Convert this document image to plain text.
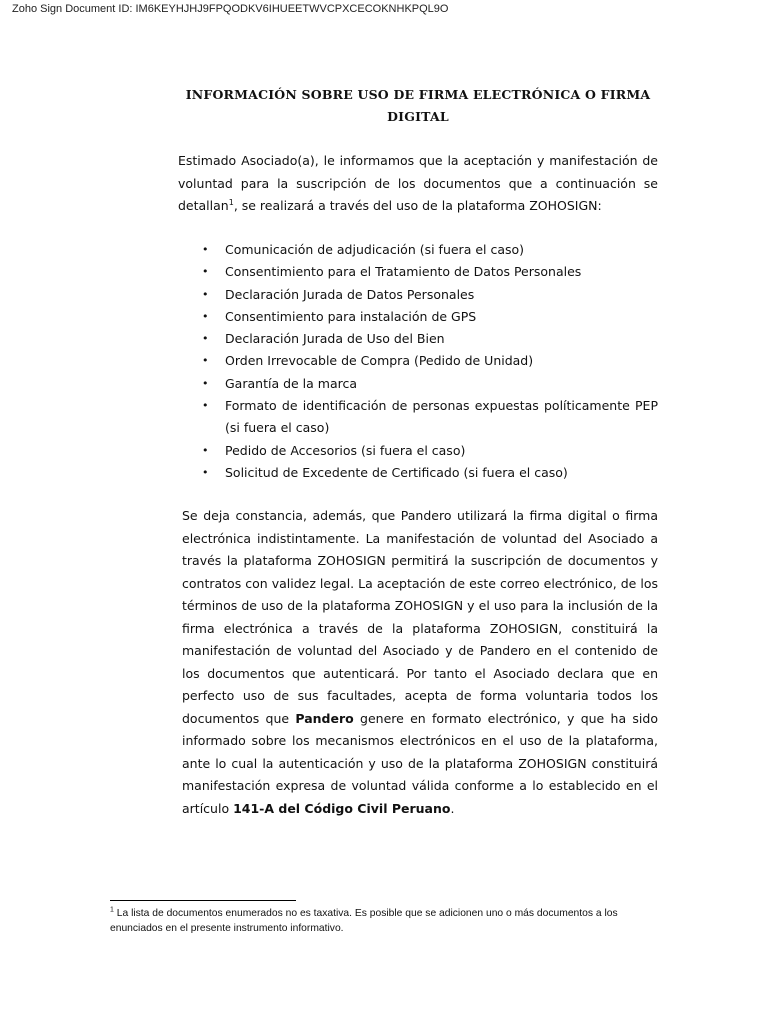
Zoho Sign Document ID: IM6KEYHJHJ9FPQODKV6IHUEETWVCPXCECOKNHKPQL9O
INFORMACIÓN SOBRE USO DE FIRMA ELECTRÓNICA O FIRMA
DIGITAL

Estimado Asociado(a), le informamos que la aceptación y manifestación de voluntad para la suscripción de los documentos que a continuación se detallan$^1$, se realizará a través del uso de la plataforma ZOHOSIGN:

• Comunicación de adjudicación (si fuera el caso)
• Consentimiento para el Tratamiento de Datos Personales
• Declaración Jurada de Datos Personales
• Consentimiento para instalación de GPS
• Declaración Jurada de Uso del Bien
• Orden Irrevocable de Compra (Pedido de Unidad)
• Garantía de la marca
• Formato de identificación de personas expuestas políticamente PEP (si fuera el caso)
• Pedido de Accesorios (si fuera el caso)
• Solicitud de Excedente de Certificado (si fuera el caso)

Se deja constancia, además, que Pandero utilizará la firma digital o firma electrónica indistintamente. La manifestación de voluntad del Asociado a través la plataforma ZOHOSIGN permitirá la suscripción de documentos y contratos con validez legal. La aceptación de este correo electrónico, de los términos de uso de la plataforma ZOHOSIGN y el uso para la inclusión de la firma electrónica a través de la plataforma ZOHOSIGN, constituirá la manifestación de voluntad del Asociado y de Pandero en el contenido de los documentos que autenticará. Por tanto el Asociado declara que en perfecto uso de sus facultades, acepta de forma voluntaria todos los documentos que Pandero genere en formato electrónico, y que ha sido informado sobre los mecanismos electrónicos en el uso de la plataforma, ante lo cual la autenticación y uso de la plataforma ZOHOSIGN constituirá manifestación expresa de voluntad válida conforme a lo establecido en el artículo 141-A del Código Civil Peruano.

$^1$ La lista de documentos enumerados no es taxativa. Es posible que se adicionen uno o más documentos a los enunciados en el presente instrumento informativo.
